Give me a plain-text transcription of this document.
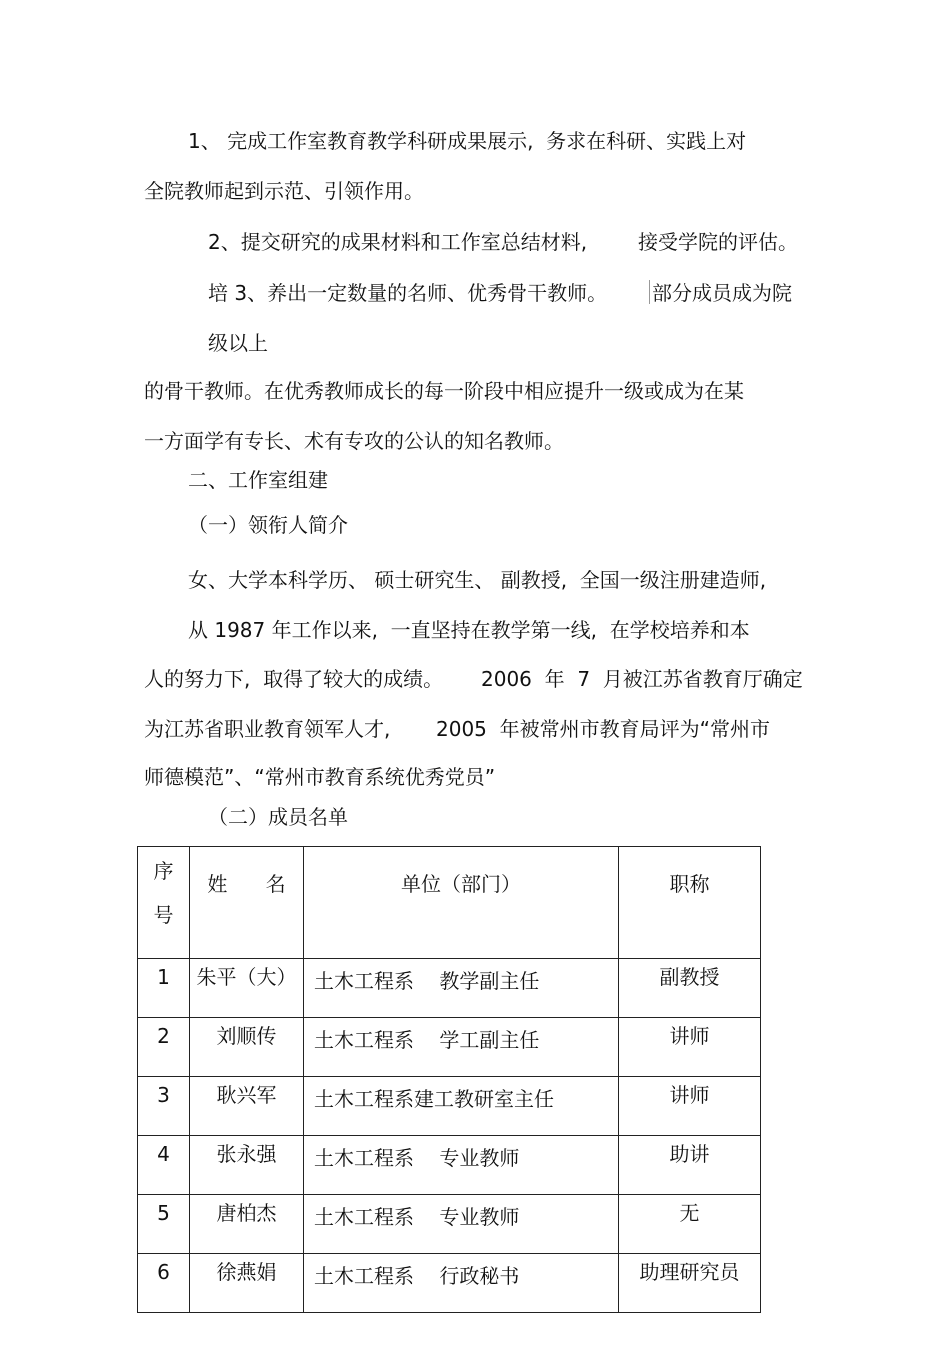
1、 完成工作室教育教学科研成果展示,  务求在科研、实践上对
全院教师起到示范、引领作用。
2、提交研究的成果材料和工作室总结材料,	接受学院的评估。
培 3、养出一定数量的名师、优秀骨干教师。 部分成员成为院
级以上
的骨干教师。在优秀教师成长的每一阶段中相应提升一级或成为在某
一方面学有专长、术有专攻的公认的知名教师。
二、工作室组建
（一）领衔人简介
女、大学本科学历、 硕士研究生、 副教授,  全国一级注册建造师,
从 1987 年工作以来,  一直坚持在教学第一线,  在学校培养和本
人的努力下,  取得了较大的成绩。 2006  年  7  月被江苏省教育厅确定
为江苏省职业教育领军人才, 2005  年被常州市教育局评为“常州市
师德模范”、“常州市教育系统优秀党员”
（二）成员名单
序
号	姓      名	单位（部门）	职称
1	朱平（大）	土木工程系    教学副主任	副教授
2	刘顺传	土木工程系    学工副主任	讲师
3	耿兴军	土木工程系建工教研室主任	讲师
4	张永强	土木工程系    专业教师	助讲
5	唐柏杰	土木工程系    专业教师	无
6	徐燕娟	土木工程系    行政秘书	助理研究员
